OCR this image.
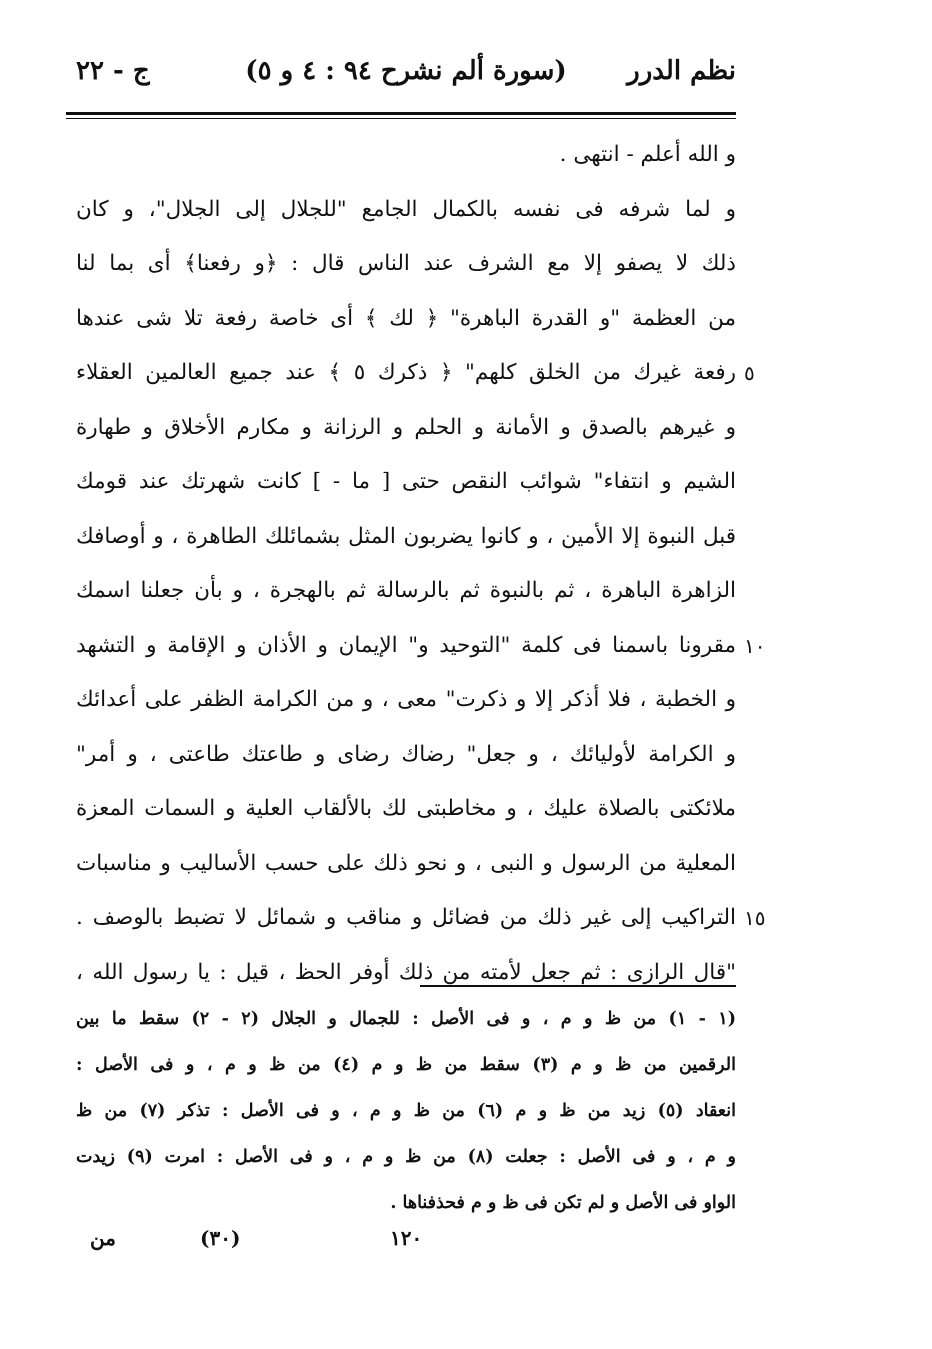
ج - ٢٢	(سورة ألم نشرح ٩٤ : ٤ و ٥)	نظم الدرر
و الله أعلم - انتهى .
و لما شرفه فى نفسه بالكمال الجامع "للجلال إلى الجلال"، و كان
ذلك لا يصفو إلا مع الشرف عند الناس قال : ﴿و رفعنا﴾ أى بما لنا
من العظمة "و القدرة الباهرة" ﴿ لك ﴾ أى خاصة رفعة تلا شى عندها
رفعة غيرك من الخلق كلهم" ﴿ ذكرك ٥ ﴾ عند جميع العالمين العقلاء ٥
و غيرهم بالصدق و الأمانة و الحلم و الرزانة و مكارم الأخلاق و طهارة
الشيم و انتفاء" شوائب النقص حتى [ ما - ] كانت شهرتك عند قومك
قبل النبوة إلا الأمين ، و كانوا يضربون المثل بشمائلك الطاهرة ، و أوصافك
الزاهرة الباهرة ، ثم بالنبوة ثم بالرسالة ثم بالهجرة ، و بأن جعلنا اسمك
مقرونا باسمنا فى كلمة "التوحيد و" الإيمان و الأذان و الإقامة و التشهد ١٠
و الخطبة ، فلا أذكر إلا و ذكرت" معى ، و من الكرامة الظفر على أعدائك
و الكرامة لأوليائك ، و جعل" رضاك رضاى و طاعتك طاعتى ، و أمر"
ملائكتى بالصلاة عليك ، و مخاطبتى لك بالألقاب العلية و السمات المعزة
المعلية من الرسول و النبى ، و نحو ذلك على حسب الأساليب و مناسبات
التراكيب إلى غير ذلك من فضائل و مناقب و شمائل لا تضبط بالوصف . ١٥
"قال الرازى : ثم جعل لأمته من ذلك أوفر الحظ ، قيل : يا رسول الله ،
(١ - ١) من ظ و م ، و فى الأصل : للجمال و الجلال (٢ - ٢) سقط ما بين
الرقمين من ظ و م (٣) سقط من ظ و م (٤) من ظ و م ، و فى الأصل :
انعقاد (٥) زيد من ظ و م (٦) من ظ و م ، و فى الأصل : تذكر (٧) من ظ
و م ، و فى الأصل : جعلت (٨) من ظ و م ، و فى الأصل : امرت (٩) زيدت
الواو فى الأصل و لم تكن فى ظ و م فحذفناها .
من	(٣٠)	١٢٠
